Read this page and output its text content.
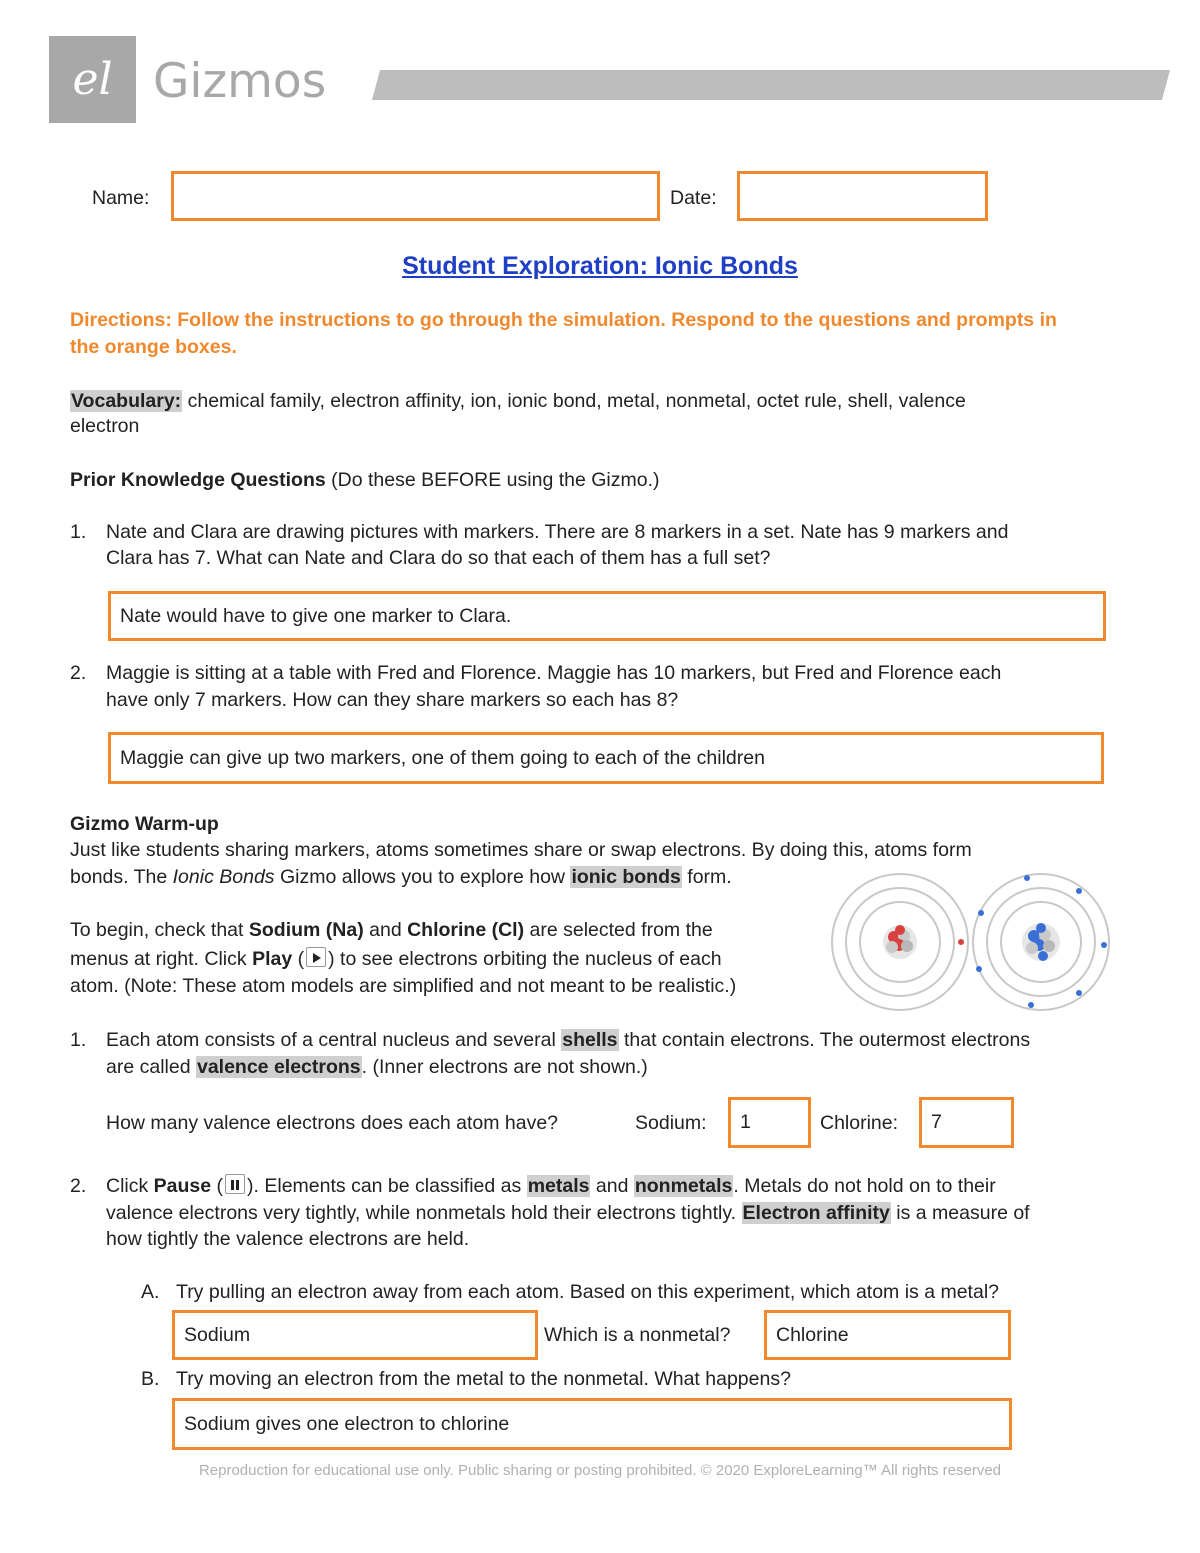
el Gizmos
Name:	Date:
Student Exploration: Ionic Bonds
Directions: Follow the instructions to go through the simulation. Respond to the questions and prompts in the orange boxes.
Vocabulary: chemical family, electron affinity, ion, ionic bond, metal, nonmetal, octet rule, shell, valence
electron
Prior Knowledge Questions (Do these BEFORE using the Gizmo.)
1. Nate and Clara are drawing pictures with markers. There are 8 markers in a set. Nate has 9 markers and
Clara has 7. What can Nate and Clara do so that each of them has a full set?
Nate would have to give one marker to Clara.
2. Maggie is sitting at a table with Fred and Florence. Maggie has 10 markers, but Fred and Florence each
have only 7 markers. How can they share markers so each has 8?
Maggie can give up two markers, one of them going to each of the children
Gizmo Warm-up
Just like students sharing markers, atoms sometimes share or swap electrons. By doing this, atoms form
bonds. The Ionic Bonds Gizmo allows you to explore how ionic bonds form.
To begin, check that Sodium (Na) and Chlorine (Cl) are selected from the
menus at right. Click Play ( ) to see electrons orbiting the nucleus of each
atom. (Note: These atom models are simplified and not meant to be realistic.)
1. Each atom consists of a central nucleus and several shells that contain electrons. The outermost electrons
are called valence electrons. (Inner electrons are not shown.)
How many valence electrons does each atom have?	Sodium:	1	Chlorine:	7
2. Click Pause ( ). Elements can be classified as metals and nonmetals. Metals do not hold on to their
valence electrons very tightly, while nonmetals hold their electrons tightly. Electron affinity is a measure of
how tightly the valence electrons are held.
A. Try pulling an electron away from each atom. Based on this experiment, which atom is a metal?
Sodium	Which is a nonmetal?	Chlorine
B. Try moving an electron from the metal to the nonmetal. What happens?
Sodium gives one electron to chlorine
Reproduction for educational use only. Public sharing or posting prohibited. © 2020 ExploreLearning™ All rights reserved
